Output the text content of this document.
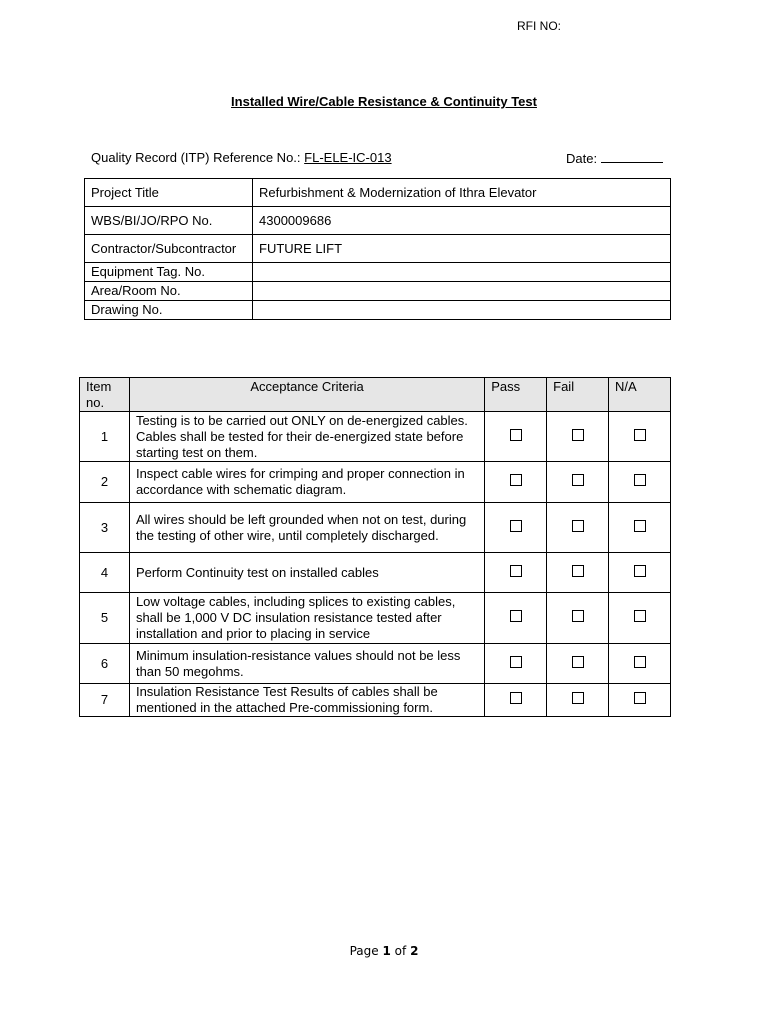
RFI NO:
Installed Wire/Cable Resistance & Continuity Test
Quality Record (ITP) Reference No.: FL-ELE-IC-013	Date:
Project Title	Refurbishment & Modernization of Ithra Elevator
WBS/BI/JO/RPO No.	4300009686
Contractor/Subcontractor	FUTURE LIFT
Equipment Tag. No.	
Area/Room No.	
Drawing No.	
Item no.	Acceptance Criteria	Pass	Fail	N/A
1	Testing is to be carried out ONLY on de-energized cables. Cables shall be tested for their de-energized state before starting test on them.			
2	Inspect cable wires for crimping and proper connection in accordance with schematic diagram.			
3	All wires should be left grounded when not on test, during the testing of other wire, until completely discharged.			
4	Perform Continuity test on installed cables			
5	Low voltage cables, including splices to existing cables, shall be 1,000 V DC insulation resistance tested after installation and prior to placing in service			
6	Minimum insulation-resistance values should not be less than 50 megohms.			
7	Insulation Resistance Test Results of cables shall be mentioned in the attached Pre-commissioning form.			
Page 1 of 2
